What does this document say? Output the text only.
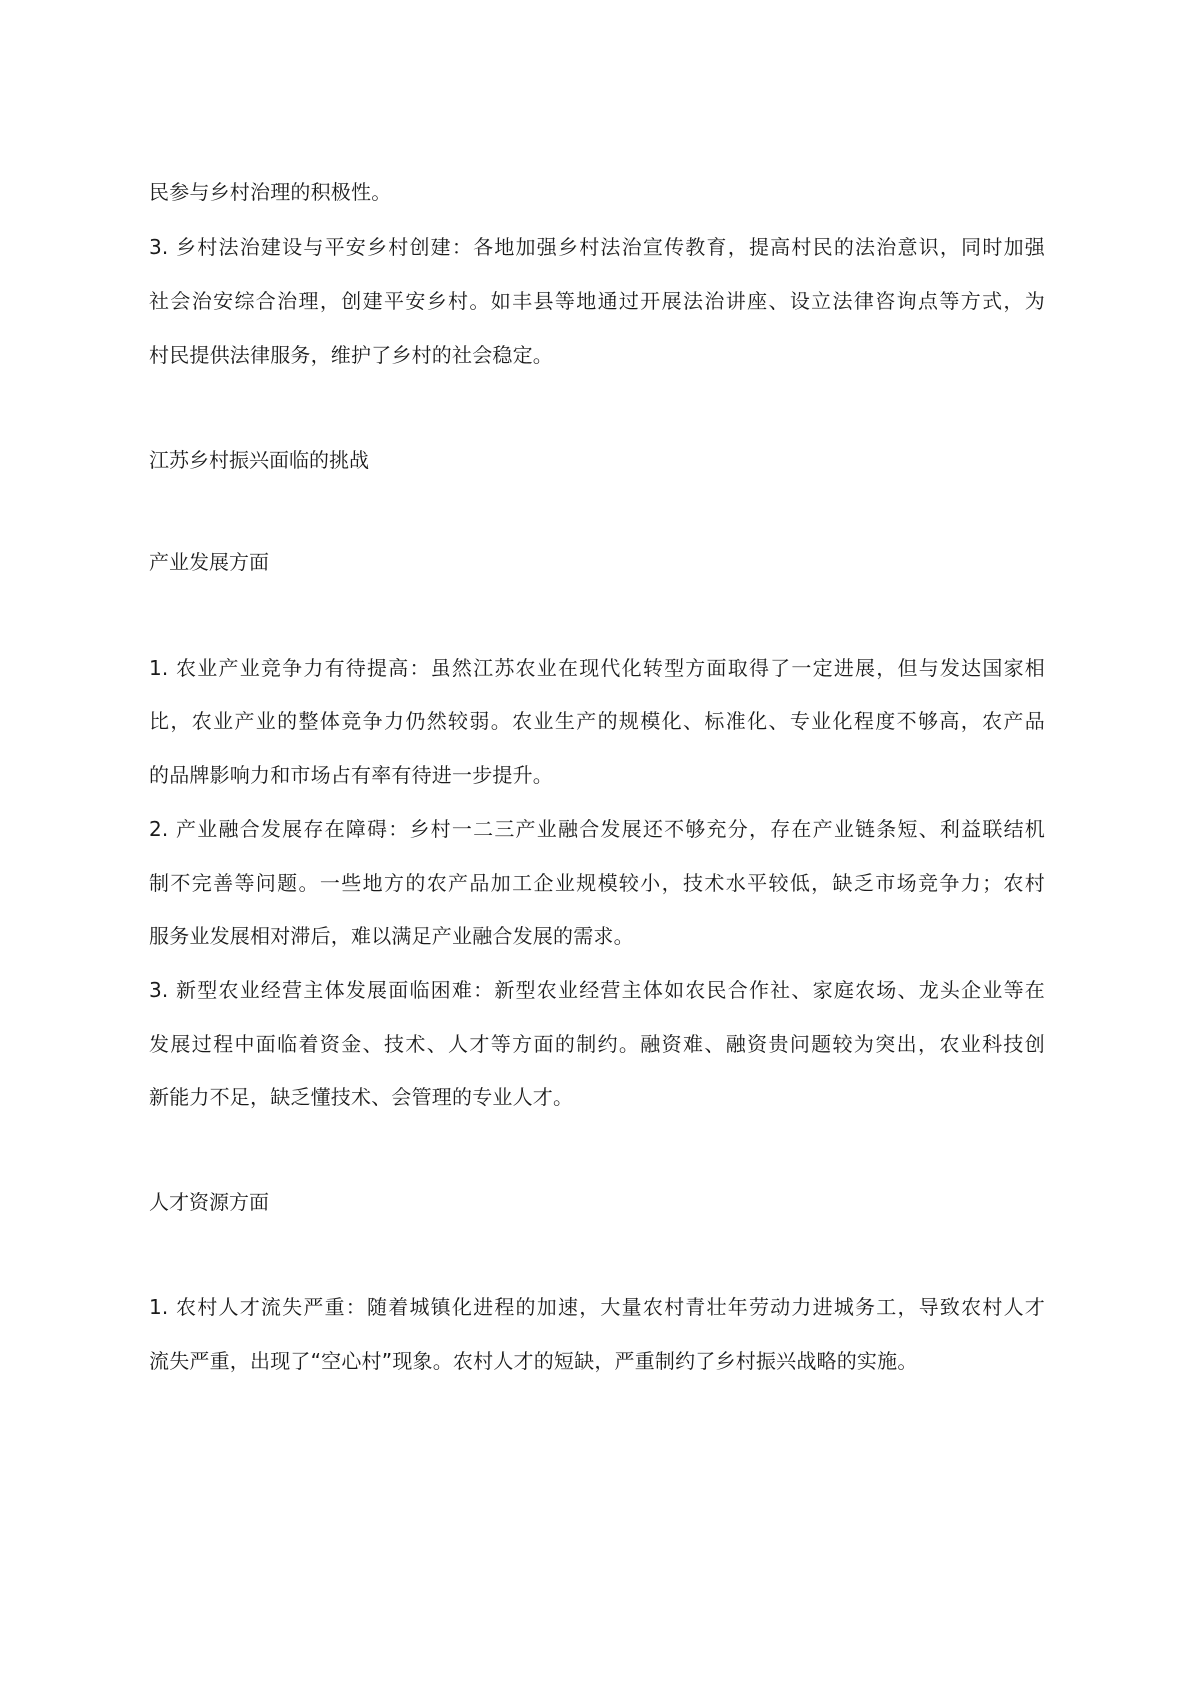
民参与乡村治理的积极性。
3. 乡村法治建设与平安乡村创建：各地加强乡村法治宣传教育，提高村民的法治意识，同时加强
社会治安综合治理，创建平安乡村。如丰县等地通过开展法治讲座、设立法律咨询点等方式，为
村民提供法律服务，维护了乡村的社会稳定。
江苏乡村振兴面临的挑战
产业发展方面
1. 农业产业竞争力有待提高：虽然江苏农业在现代化转型方面取得了一定进展，但与发达国家相
比，农业产业的整体竞争力仍然较弱。农业生产的规模化、标准化、专业化程度不够高，农产品
的品牌影响力和市场占有率有待进一步提升。
2. 产业融合发展存在障碍：乡村一二三产业融合发展还不够充分，存在产业链条短、利益联结机
制不完善等问题。一些地方的农产品加工企业规模较小，技术水平较低，缺乏市场竞争力；农村
服务业发展相对滞后，难以满足产业融合发展的需求。
3. 新型农业经营主体发展面临困难：新型农业经营主体如农民合作社、家庭农场、龙头企业等在
发展过程中面临着资金、技术、人才等方面的制约。融资难、融资贵问题较为突出，农业科技创
新能力不足，缺乏懂技术、会管理的专业人才。
人才资源方面
1. 农村人才流失严重：随着城镇化进程的加速，大量农村青壮年劳动力进城务工，导致农村人才
流失严重，出现了“空心村”现象。农村人才的短缺，严重制约了乡村振兴战略的实施。
